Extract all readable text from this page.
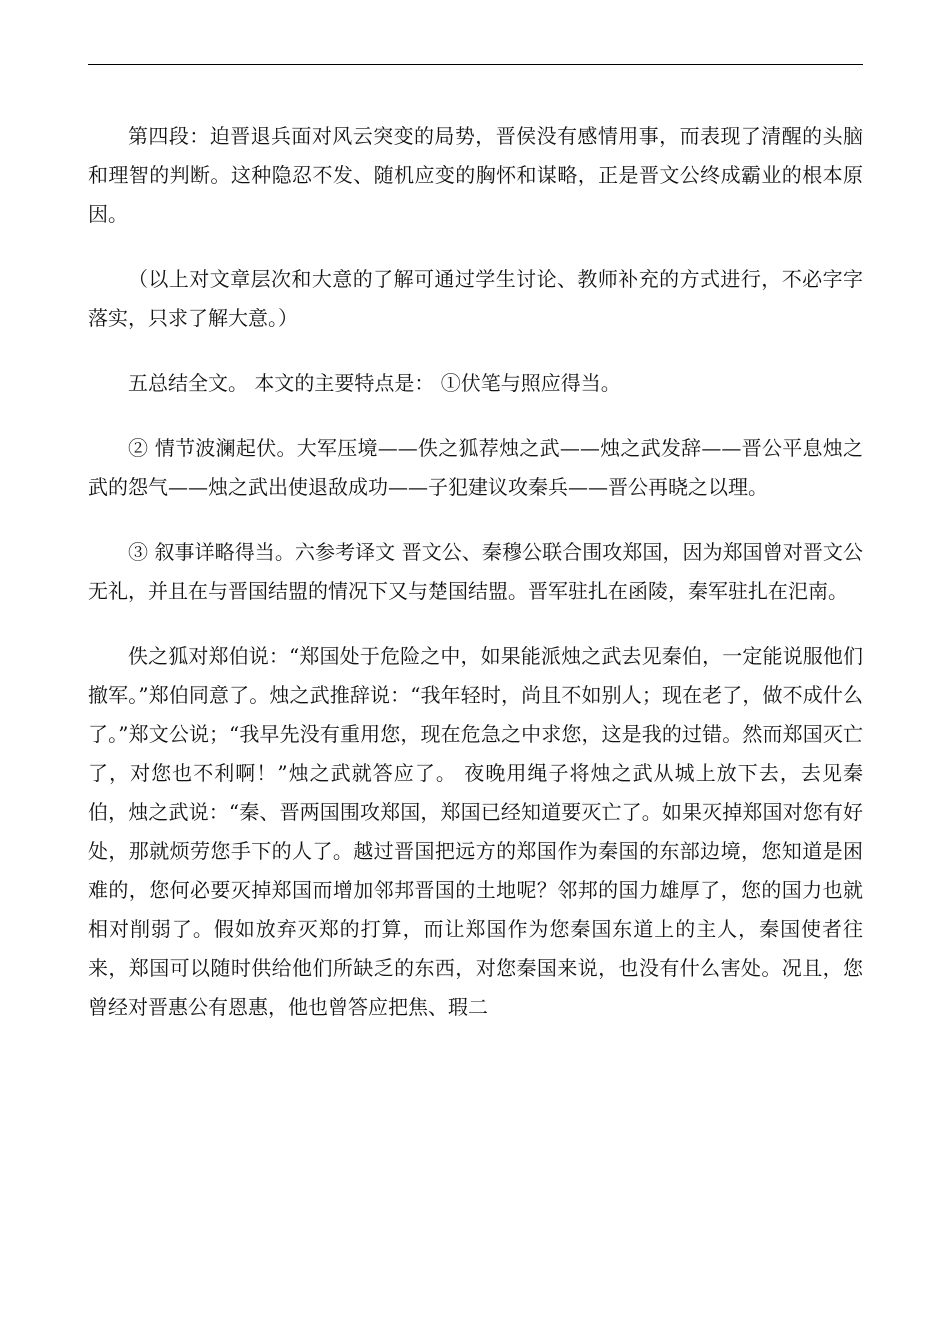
第四段：迫晋退兵面对风云突变的局势，晋侯没有感情用事，而表现了清醒的头脑和理智的判断。这种隐忍不发、随机应变的胸怀和谋略，正是晋文公终成霸业的根本原因。

（以上对文章层次和大意的了解可通过学生讨论、教师补充的方式进行，不必字字落实，只求了解大意。）

五总结全文。 本文的主要特点是： ①伏笔与照应得当。

② 情节波澜起伏。大军压境——佚之狐荐烛之武——烛之武发辞——晋公平息烛之武的怨气——烛之武出使退敌成功——子犯建议攻秦兵——晋公再晓之以理。

③ 叙事详略得当。六参考译文 晋文公、秦穆公联合围攻郑国，因为郑国曾对晋文公无礼，并且在与晋国结盟的情况下又与楚国结盟。晋军驻扎在函陵，秦军驻扎在汜南。

佚之狐对郑伯说：“郑国处于危险之中，如果能派烛之武去见秦伯，一定能说服他们撤军。”郑伯同意了。烛之武推辞说：“我年轻时，尚且不如别人；现在老了，做不成什么了。”郑文公说；“我早先没有重用您，现在危急之中求您，这是我的过错。然而郑国灭亡了，对您也不利啊！”烛之武就答应了。 夜晚用绳子将烛之武从城上放下去，去见秦伯，烛之武说：“秦、晋两国围攻郑国，郑国已经知道要灭亡了。如果灭掉郑国对您有好处，那就烦劳您手下的人了。越过晋国把远方的郑国作为秦国的东部边境，您知道是困难的，您何必要灭掉郑国而增加邻邦晋国的土地呢？邻邦的国力雄厚了，您的国力也就相对削弱了。假如放弃灭郑的打算，而让郑国作为您秦国东道上的主人，秦国使者往来，郑国可以随时供给他们所缺乏的东西，对您秦国来说，也没有什么害处。况且，您曾经对晋惠公有恩惠，他也曾答应把焦、瑕二
